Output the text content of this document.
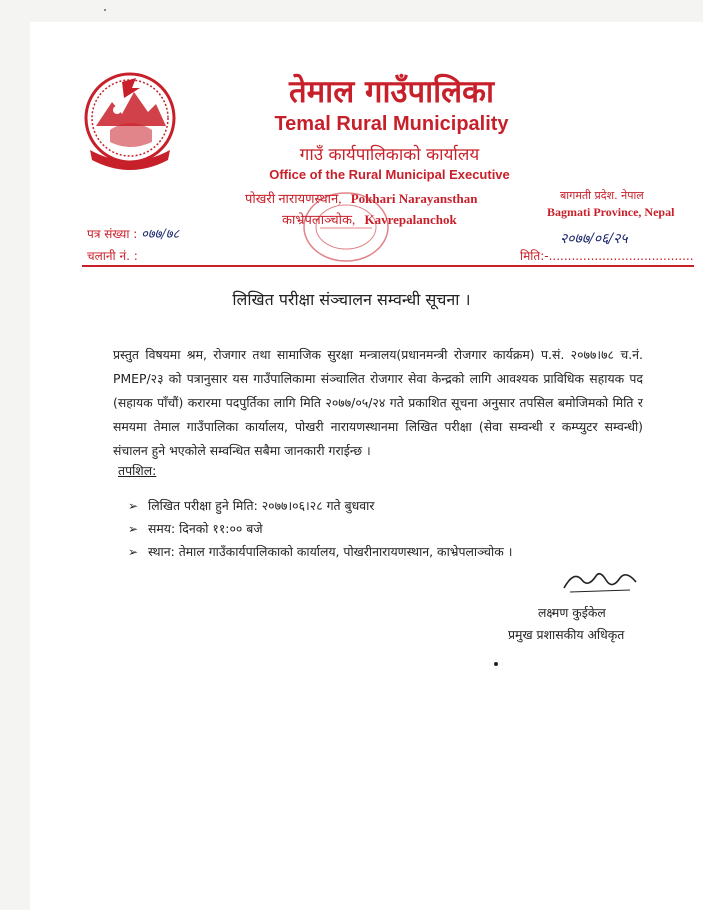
तेमाल गाउँपालिका
Temal Rural Municipality
गाउँ कार्यपालिकाको कार्यालय
Office of the Rural Municipal Executive
पोखरी नारायणस्थान, Pokhari Narayansthan
काभ्रेपलाञ्चोक, Kavrepalanchok
बागमती प्रदेश. नेपाल
Bagmati Province, Nepal
पत्र संख्या : ०७७/७८
चलानी नं. :
२०७७/०६/२५
मिति:-......................................
लिखित परीक्षा संञ्चालन सम्वन्धी सूचना ।
प्रस्तुत विषयमा श्रम, रोजगार तथा सामाजिक सुरक्षा मन्त्रालय(प्रधानमन्त्री रोजगार कार्यक्रम) प.सं. २०७७।७८ च.नं. PMEP/२३ को पत्रानुसार यस गाउँपालिकामा संञ्चालित रोजगार सेवा केन्द्रको लागि आवश्यक प्राविधिक सहायक पद (सहायक पाँचौं) करारमा पदपुर्तिका लागि मिति २०७७/०५/२४ गते प्रकाशित सूचना अनुसार तपसिल बमोजिमको मिति र समयमा तेमाल गाउँपालिका कार्यालय, पोखरी नारायणस्थानमा लिखित परीक्षा (सेवा सम्वन्धी र कम्प्युटर सम्वन्धी) संचालन हुने भएकोले सम्वन्धित सबैमा जानकारी गराईन्छ ।
तपशिल:
➢ लिखित परीक्षा हुने मिति: २०७७।०६।२८ गते बुधवार
➢ समय: दिनको ११:०० बजे
➢ स्थान: तेमाल गाउँकार्यपालिकाको कार्यालय, पोखरीनारायणस्थान, काभ्रेपलाञ्चोक ।
लक्ष्मण कुईकेल
प्रमुख प्रशासकीय अधिकृत
